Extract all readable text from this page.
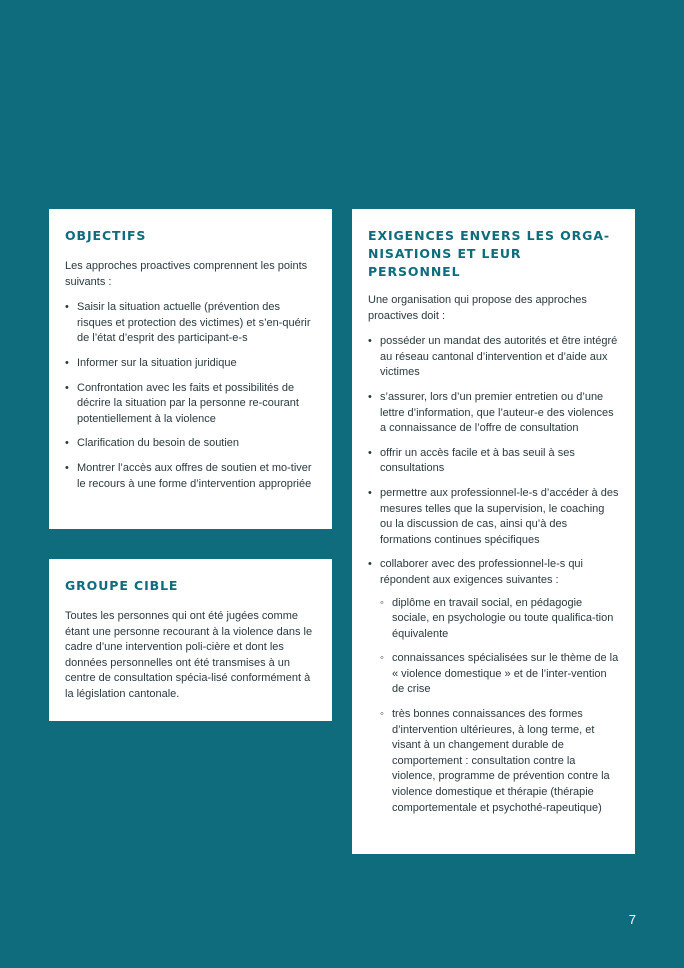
OBJECTIFS

Les approches proactives comprennent les points suivants :

• Saisir la situation actuelle (prévention des risques et protection des victimes) et s’en-quérir de l’état d’esprit des participant-e-s
• Informer sur la situation juridique
• Confrontation avec les faits et possibilités de décrire la situation par la personne re-courant potentiellement à la violence
• Clarification du besoin de soutien
• Montrer l’accès aux offres de soutien et mo-tiver le recours à une forme d’intervention appropriée
GROUPE CIBLE

Toutes les personnes qui ont été jugées comme étant une personne recourant à la violence dans le cadre d’une intervention poli-cière et dont les données personnelles ont été transmises à un centre de consultation spécia-lisé conformément à la législation cantonale.

EXIGENCES ENVERS LES ORGA-NISATIONS ET LEUR PERSONNEL

Une organisation qui propose des approches proactives doit :

• posséder un mandat des autorités et être intégré au réseau cantonal d’intervention et d’aide aux victimes
• s’assurer, lors d’un premier entretien ou d’une lettre d’information, que l’auteur-e des violences a connaissance de l’offre de consultation
• offrir un accès facile et à bas seuil à ses consultations
• permettre aux professionnel-le-s d’accéder à des mesures telles que la supervision, le coaching ou la discussion de cas, ainsi qu’à des formations continues spécifiques
• collaborer avec des professionnel-le-s qui répondent aux exigences suivantes :
◦ diplôme en travail social, en pédagogie sociale, en psychologie ou toute qualifica-tion équivalente
◦ connaissances spécialisées sur le thème de la « violence domestique » et de l’inter-vention de crise
◦ très bonnes connaissances des formes d’intervention ultérieures, à long terme, et visant à un changement durable de comportement : consultation contre la violence, programme de prévention contre la violence domestique et thérapie (thérapie comportementale et psychothé-rapeutique)
7
